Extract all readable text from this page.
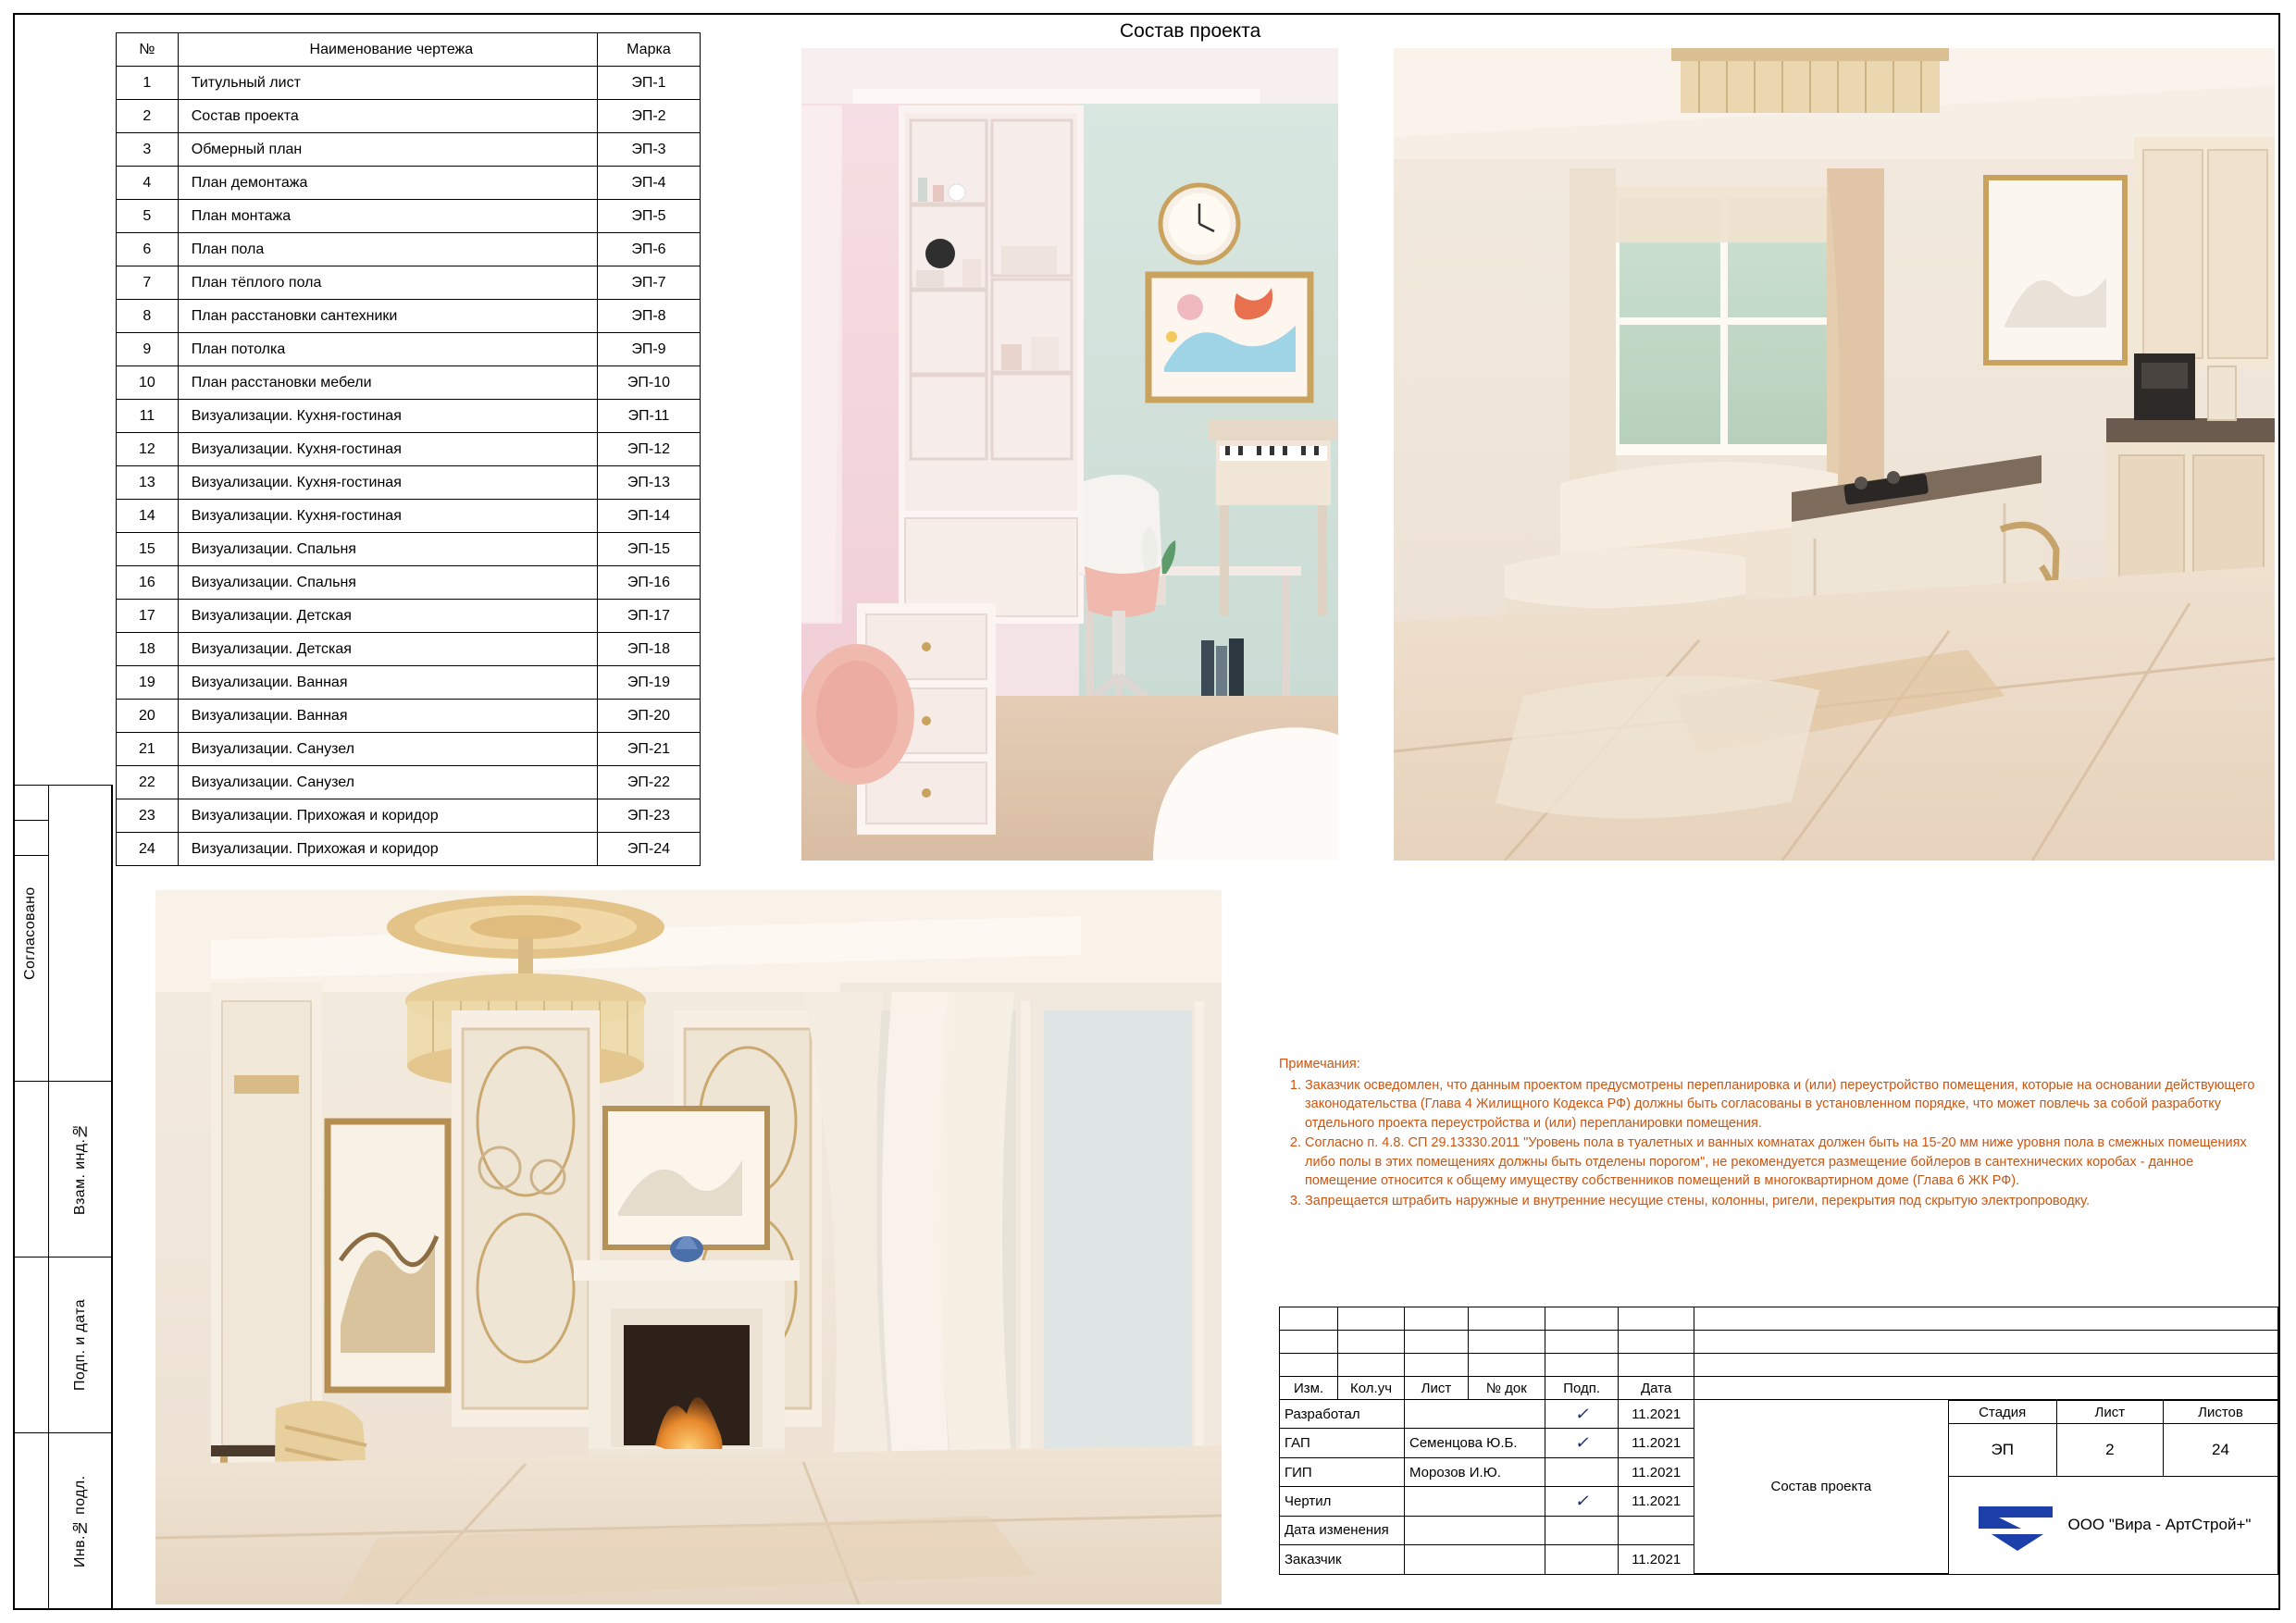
Согласовано
Взам. инд.№
Подп. и дата
Инв.№ подл.
Состав проекта
№	Наименование чертежа	Марка
1	Титульный лист	ЭП-1
2	Состав проекта	ЭП-2
3	Обмерный план	ЭП-3
4	План демонтажа	ЭП-4
5	План монтажа	ЭП-5
6	План пола	ЭП-6
7	План тёплого пола	ЭП-7
8	План расстановки сантехники	ЭП-8
9	План потолка	ЭП-9
10	План расстановки мебели	ЭП-10
11	Визуализации. Кухня-гостиная	ЭП-11
12	Визуализации. Кухня-гостиная	ЭП-12
13	Визуализации. Кухня-гостиная	ЭП-13
14	Визуализации. Кухня-гостиная	ЭП-14
15	Визуализации. Спальня	ЭП-15
16	Визуализации. Спальня	ЭП-16
17	Визуализации. Детская	ЭП-17
18	Визуализации. Детская	ЭП-18
19	Визуализации. Ванная	ЭП-19
20	Визуализации. Ванная	ЭП-20
21	Визуализации. Санузел	ЭП-21
22	Визуализации. Санузел	ЭП-22
23	Визуализации. Прихожая и коридор	ЭП-23
24	Визуализации. Прихожая и коридор	ЭП-24
Примечания:
1. Заказчик осведомлен, что данным проектом предусмотрены перепланировка и (или) переустройство помещения, которые на основании действующего законодательства (Глава 4 Жилищного Кодекса РФ) должны быть согласованы в установленном порядке, что может повлечь за собой разработку отдельного проекта переустройства и (или) перепланировки помещения.
2. Согласно п. 4.8. СП 29.13330.2011 "Уровень пола в туалетных и ванных комнатах должен быть на 15-20 мм ниже уровня пола в смежных помещениях либо полы в этих помещениях должны быть отделены порогом", не рекомендуется размещение бойлеров в сантехнических коробах - данное помещение относится к общему имуществу собственников помещений в многоквартирном доме (Глава 6 ЖК РФ).
3. Запрещается штрабить наружные и внутренние несущие стены, колонны, ригели, перекрытия под скрытую электропроводку.

Изм.	Кол.уч	Лист	№ док	Подп.	Дата	
Разработал		✓	11.2021	
Состав проекта	Стадия	Лист	Листов
ЭП	2	24

ООО "Вира - АртСтрой+"

ГАП	Семенцова Ю.Б.	✓	11.2021
ГИП	Морозов И.Ю.		11.2021
Чертил		✓	11.2021
Дата изменения			
Заказчик			11.2021
